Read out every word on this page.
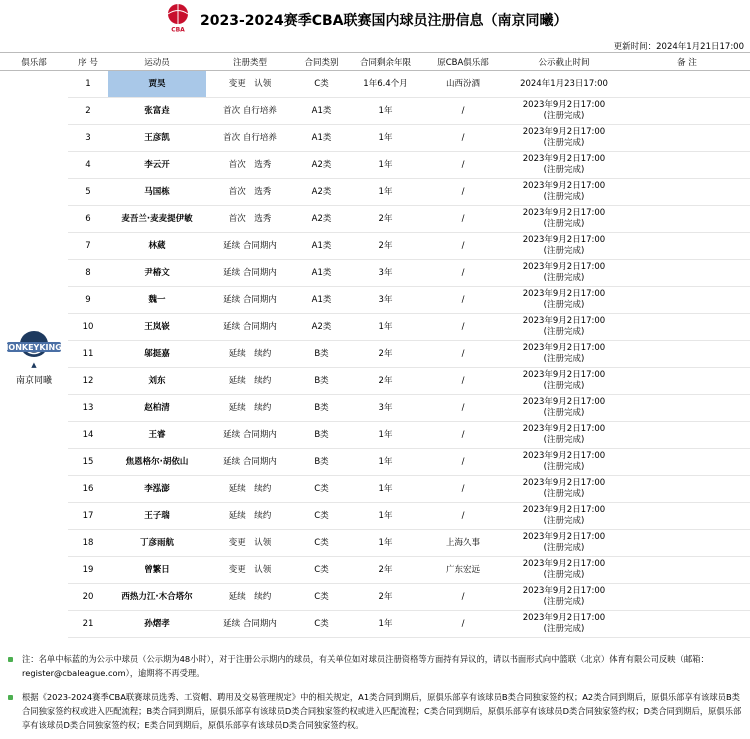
CBA
2023-2024赛季CBA联赛国内球员注册信息（南京同曦）
更新时间：2024年1月21日17:00
俱乐部	序 号	运动员	注册类型	合同类别	合同剩余年限	原CBA俱乐部	公示截止时间	备 注

MONKEYKINGS
▲
南京同曦	1	贾昊	变更　认领	C类	1年6.4个月	山西汾酒	2024年1月23日17:00	

	2	张富垚	首次 自行培养	A1类	1年	/	2023年9月2日17:00
(注册完成)	

	3	王彦凯	首次 自行培养	A1类	1年	/	2023年9月2日17:00
(注册完成)	

	4	李云开	首次　选秀	A2类	1年	/	2023年9月2日17:00
(注册完成)	

	5	马国栋	首次　选秀	A2类	1年	/	2023年9月2日17:00
(注册完成)	

	6	麦吾兰·麦麦提伊敏	首次　选秀	A2类	2年	/	2023年9月2日17:00
(注册完成)	

	7	林葳	延续 合同期内	A1类	2年	/	2023年9月2日17:00
(注册完成)	

	8	尹椿文	延续 合同期内	A1类	3年	/	2023年9月2日17:00
(注册完成)	

	9	魏一	延续 合同期内	A1类	3年	/	2023年9月2日17:00
(注册完成)	

	10	王岚嵚	延续 合同期内	A2类	1年	/	2023年9月2日17:00
(注册完成)	

	11	邬挺嘉	延续　续约	B类	2年	/	2023年9月2日17:00
(注册完成)	

	12	刘东	延续　续约	B类	2年	/	2023年9月2日17:00
(注册完成)	

	13	赵柏清	延续　续约	B类	3年	/	2023年9月2日17:00
(注册完成)	

	14	王睿	延续 合同期内	B类	1年	/	2023年9月2日17:00
(注册完成)	

	15	焦恩格尔·胡依山	延续 合同期内	B类	1年	/	2023年9月2日17:00
(注册完成)	

	16	李泓澎	延续　续约	C类	1年	/	2023年9月2日17:00
(注册完成)	

	17	王子瑞	延续　续约	C类	1年	/	2023年9月2日17:00
(注册完成)	

	18	丁彦雨航	变更　认领	C类	1年	上海久事	2023年9月2日17:00
(注册完成)	

	19	曾繁日	变更　认领	C类	2年	广东宏远	2023年9月2日17:00
(注册完成)	

	20	西热力江·木合塔尔	延续　续约	C类	2年	/	2023年9月2日17:00
(注册完成)	

	21	孙熠孝	延续 合同期内	C类	1年	/	2023年9月2日17:00
(注册完成)	

注：名单中标蓝的为公示中球员（公示期为48小时），对于注册公示期内的球员，有关单位如对球员注册资格等方面持有异议的，请以书面形式向中篮联（北京）体育有限公司反映（邮箱：register@cbaleague.com），逾期将不再受理。

根据《2023-2024赛季CBA联赛球员选秀、工资帽、聘用及交易管理规定》中的相关规定，A1类合同到期后，原俱乐部享有该球员B类合同独家签约权；A2类合同到期后，原俱乐部享有该球员B类合同独家签约权或进入匹配流程；B类合同到期后，原俱乐部享有该球员D类合同独家签约权或进入匹配流程；C类合同到期后，原俱乐部享有该球员D类合同独家签约权；D类合同到期后，原俱乐部享有该球员D类合同独家签约权；E类合同到期后，原俱乐部享有该球员D类合同独家签约权。
